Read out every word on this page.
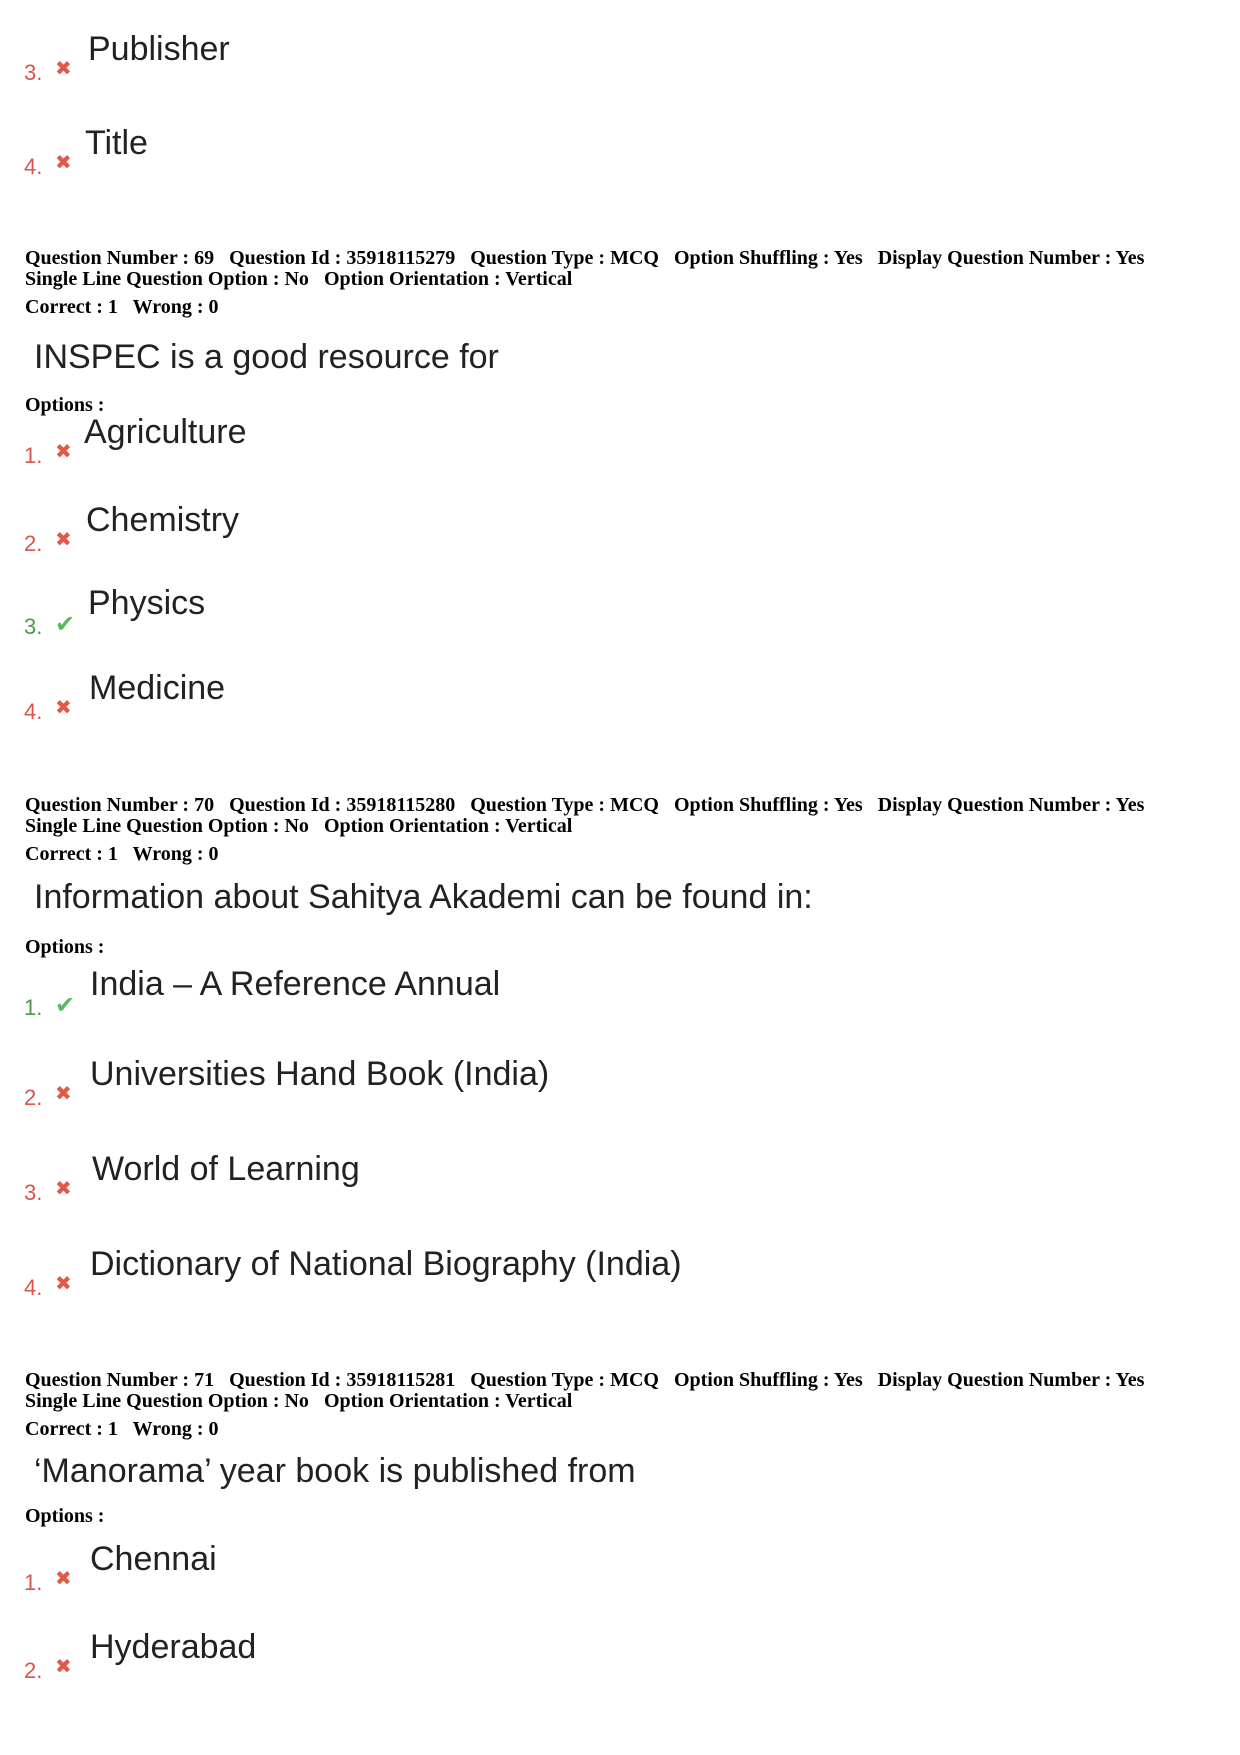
3. ✖ Publisher
4. ✖ Title
Question Number : 69 Question Id : 35918115279 Question Type : MCQ Option Shuffling : Yes Display Question Number : Yes
Single Line Question Option : No Option Orientation : Vertical
Correct : 1 Wrong : 0
INSPEC is a good resource for
Options :
1. ✖ Agriculture
2. ✖ Chemistry
3. ✔
Physics
4. ✖ Medicine
Question Number : 70 Question Id : 35918115280 Question Type : MCQ Option Shuffling : Yes Display Question Number : Yes
Single Line Question Option : No Option Orientation : Vertical
Correct : 1 Wrong : 0
Information about Sahitya Akademi can be found in:
Options :
1. ✔
India – A Reference Annual
2. ✖ Universities Hand Book (India)
3. ✖ World of Learning
4. ✖ Dictionary of National Biography (India)
Question Number : 71 Question Id : 35918115281 Question Type : MCQ Option Shuffling : Yes Display Question Number : Yes
Single Line Question Option : No Option Orientation : Vertical
Correct : 1 Wrong : 0
‘Manorama’ year book is published from
Options :
1. ✖ Chennai
2. ✖ Hyderabad
